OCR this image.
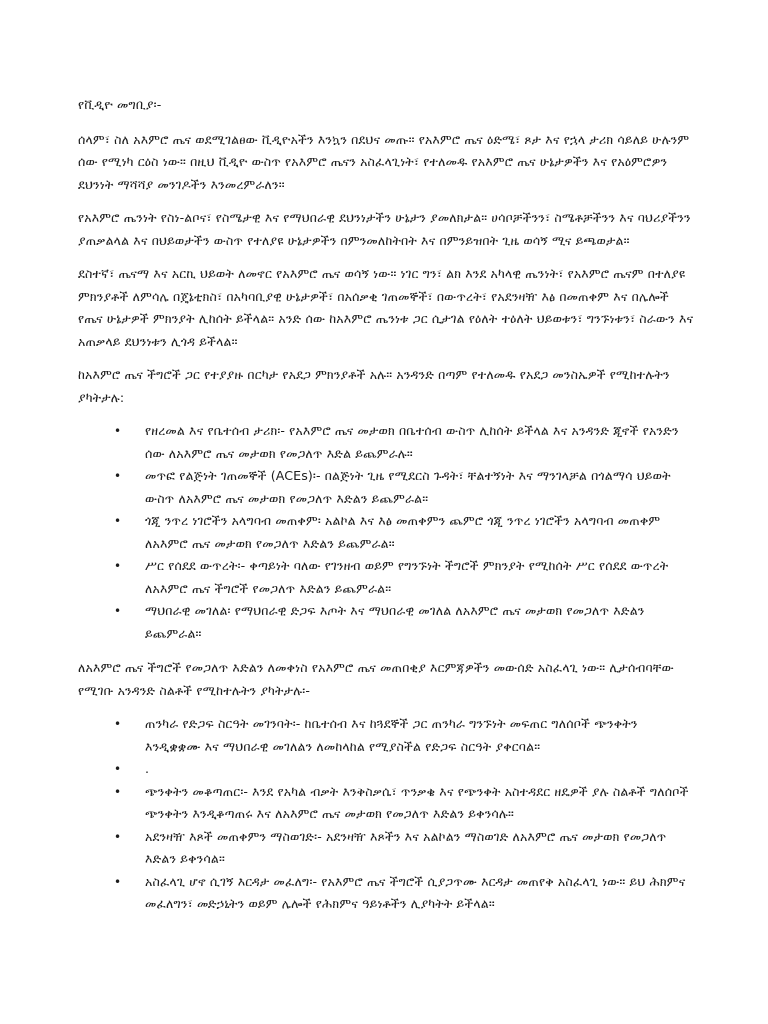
የቪዲዮ መግቢያ፡-

ሰላም፣ ስለ አእምሮ ጤና ወደሚገልፀው ቪዲዮአችን እንኳን በደህና መጡ። የአእምሮ ጤና ዕድሜ፣ ጾታ እና የኋላ ታሪክ ሳይለይ ሁሉንም ሰው የሚነካ ርዕስ ነው። በዚህ ቪዲዮ ውስጥ የአእምሮ ጤናን አስፈላጊነት፣ የተለመዱ የአእምሮ ጤና ሁኔታዎችን እና የአዕምሮዎን ደህንነት ማሻሻያ መንገዶችን እንመረምራለን።

የአእምሮ ጤንነት የስነ-ልቦና፣ የስሜታዊ እና የማህበራዊ ደህንነታችን ሁኔታን ያመለክታል። ሀሳቦቻችንን፣ ስሜቶቻችንን እና ባህሪያችንን ያጠቃልላል እና በህይወታችን ውስጥ የተለያዩ ሁኔታዎችን በምንመለከትበት እና በምንይዝበት ጊዜ ወሳኝ ሚና ይጫወታል።

ደስተኛ፣ ጤናማ እና አርኪ ህይወት ለመኖር የአእምሮ ጤና ወሳኝ ነው። ነገር ግን፣ ልክ እንደ አካላዊ ጤንነት፣ የአእምሮ ጤናም በተለያዩ ምክንያቶች ለምሳሌ በጄኔቲክስ፣ በአካባቢያዊ ሁኔታዎች፣ በአሰቃቂ ገጠመኞች፣ በውጥረት፣ የአደንዛዥ እፅ በመጠቀም እና በሌሎች የጤና ሁኔታዎች ምክንያት ሊከሰት ይችላል። አንድ ሰው ከአእምሮ ጤንነቱ ጋር ሲታገል የዕለት ተዕለት ህይወቱን፣ ግንኙነቱን፣ ስራውን እና አጠቃላይ ደህንነቱን ሊጎዳ ይችላል።

ከአእምሮ ጤና ችግሮች ጋር የተያያዙ በርካታ የአደጋ ምክንያቶች አሉ። አንዳንድ በጣም የተለመዱ የአደጋ መንስኤዎች የሚከተሉትን ያካትታሉ:

• የዘረመል እና የቤተሰብ ታሪክ፡- የአእምሮ ጤና መታወክ በቤተሰብ ውስጥ ሊከሰት ይችላል እና አንዳንድ ጂኖች የአንድን ሰው ለአእምሮ ጤና መታወክ የመጋለጥ እድል ይጨምራሉ።
• መጥፎ የልጅነት ገጠመኞች (ACEs)፡- በልጅነት ጊዜ የሚደርስ ጉዳት፣ ቸልተኝነት እና ማንገላቻል በጎልማሳ ህይወት ውስጥ ለአእምሮ ጤና መታወክ የመጋለጥ እድልን ይጨምራል።
• ጎጂ ንጥረ ነገሮችን አላግባብ መጠቀም፡ አልኮል እና እፅ መጠቀምን ጨምሮ ጎጂ ንጥረ ነገሮችን አላግባብ መጠቀም ለአእምሮ ጤና መታወክ የመጋለጥ እድልን ይጨምራል።
• ሥር የሰደደ ውጥረት፡- ቀጣይነት ባለው የገንዘብ ወይም የግንኙነት ችግሮች ምክንያት የሚከሰት ሥር የሰደደ ውጥረት ለአእምሮ ጤና ችግሮች የመጋለጥ እድልን ይጨምራል።
• ማህበራዊ መገለል፡ የማህበራዊ ድጋፍ እጦት እና ማህበራዊ መገለል ለአእምሮ ጤና መታወክ የመጋለጥ እድልን ይጨምራል።

ለአእምሮ ጤና ችግሮች የመጋለጥ እድልን ለመቀነስ የአእምሮ ጤና መጠበቂያ እርምጃዎችን መውሰድ አስፈላጊ ነው። ሊታሰብባቸው የሚገቡ አንዳንድ ስልቶች የሚከተሉትን ያካትታሉ፡-

• ጠንካራ የድጋፍ ስርዓት መገንባት፡- ከቤተሰብ እና ከጓደኞች ጋር ጠንካራ ግንኙነት መፍጠር ግለሰቦች ጭንቀትን እንዲቋቋሙ እና ማህበራዊ መገለልን ለመከላከል የሚያስችል የድጋፍ ስርዓት ያቀርባል።
• .
• ጭንቀትን መቆጣጠር፡- እንደ የአካል ብቃት እንቅስቃሴ፣ ጥንቃቄ እና የጭንቀት አስተዳደር ዘዴዎች ያሉ ስልቶች ግለሰቦች ጭንቀትን እንዲቆጣጠሩ እና ለአእምሮ ጤና መታወክ የመጋለጥ እድልን ይቀንሳሉ።
• አደንዛዥ እጾች መጠቀምን ማስወገድ፡- አደንዛዥ እጾችን እና አልኮልን ማስወገድ ለአእምሮ ጤና መታወክ የመጋለጥ እድልን ይቀንሳል።
• አስፈላጊ ሆኖ ሲገኝ እርዳታ መፈለግ፡- የአእምሮ ጤና ችግሮች ሲያጋጥሙ እርዳታ መጠየቅ አስፈላጊ ነው። ይህ ሕክምና መፈለግን፣ መድኃኒትን ወይም ሌሎች የሕክምና ዓይነቶችን ሊያካትት ይችላል።
